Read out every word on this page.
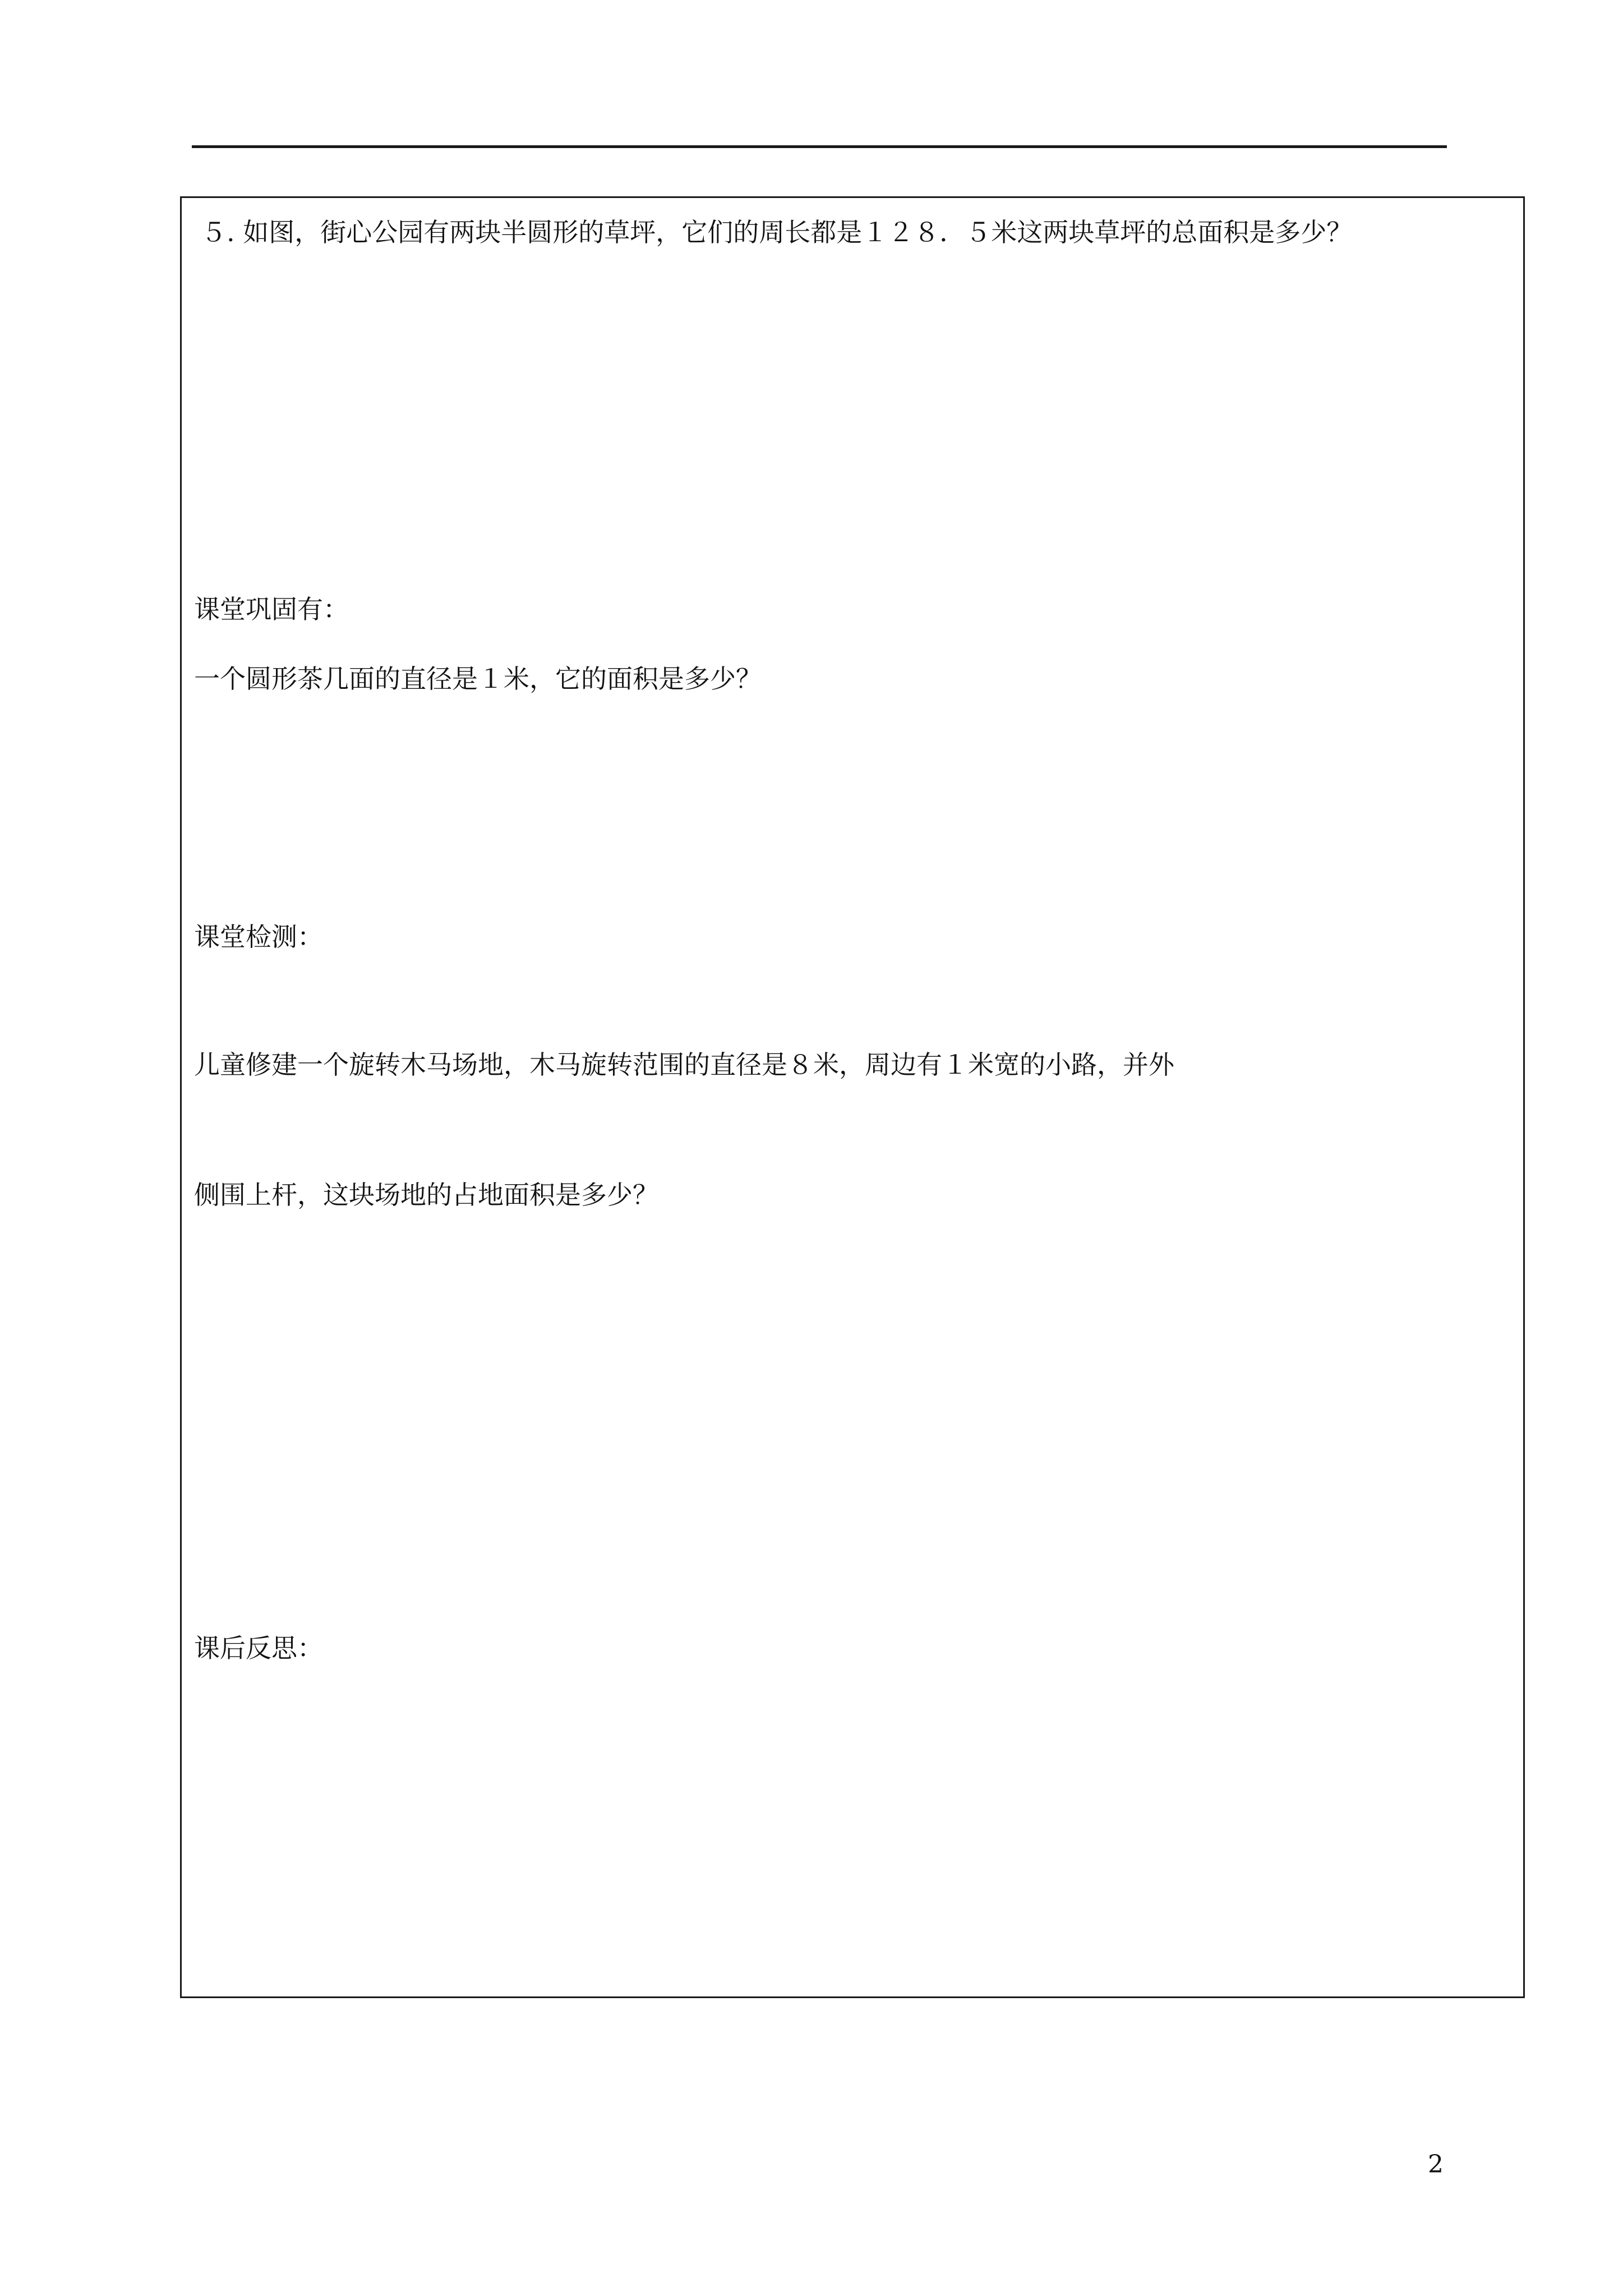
５. 如图，街心公园有两块半圆形的草坪，它们的周长都是１２８．５米这两块草坪的总面积是多少？
课堂巩固有：
一个圆形茶几面的直径是１米，它的面积是多少？
课堂检测：
儿童修建一个旋转木马场地，木马旋转范围的直径是８米，周边有１米宽的小路，并外
侧围上杆，这块场地的占地面积是多少？
课后反思：
2
